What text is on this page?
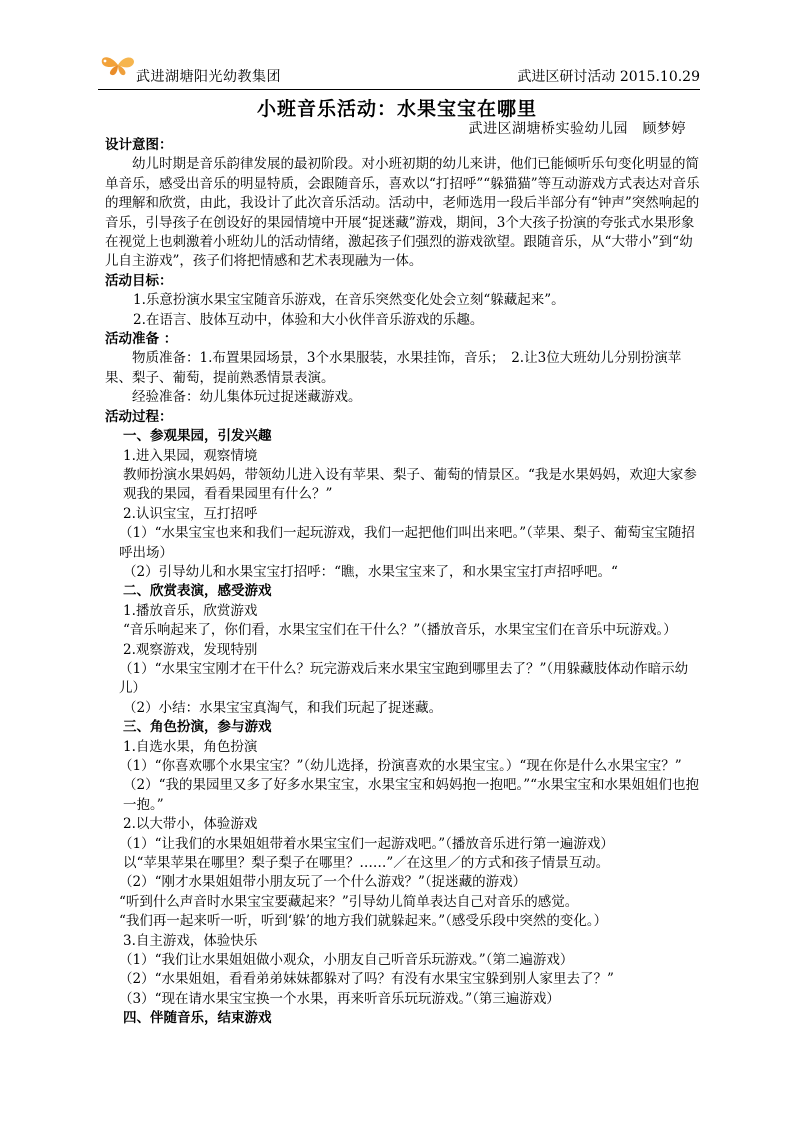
武进湖塘阳光幼教集团	武进区研讨活动 2015.10.29
小班音乐活动：水果宝宝在哪里
武进区湖塘桥实验幼儿园　顾梦婷

设计意图：

幼儿时期是音乐韵律发展的最初阶段。对小班初期的幼儿来讲，他们已能倾听乐句变化明显的简单音乐，感受出音乐的明显特质，会跟随音乐，喜欢以“打招呼”“躲猫猫”等互动游戏方式表达对音乐的理解和欣赏，由此，我设计了此次音乐活动。活动中，老师选用一段后半部分有“钟声”突然响起的音乐，引导孩子在创设好的果园情境中开展“捉迷藏”游戏，期间，3个大孩子扮演的夸张式水果形象在视觉上也刺激着小班幼儿的活动情绪，激起孩子们强烈的游戏欲望。跟随音乐，从“大带小”到“幼儿自主游戏”，孩子们将把情感和艺术表现融为一体。

活动目标：

1.乐意扮演水果宝宝随音乐游戏，在音乐突然变化处会立刻“躲藏起来”。

2.在语言、肢体互动中，体验和大小伙伴音乐游戏的乐趣。

活动准备 ：

物质准备：1.布置果园场景，3个水果服装，水果挂饰，音乐；　2.让3位大班幼儿分别扮演苹果、梨子、葡萄，提前熟悉情景表演。

经验准备：幼儿集体玩过捉迷藏游戏。

活动过程：

一、参观果园，引发兴趣

1.进入果园，观察情境

教师扮演水果妈妈，带领幼儿进入设有苹果、梨子、葡萄的情景区。“我是水果妈妈，欢迎大家参观我的果园，看看果园里有什么？”

2.认识宝宝，互打招呼

（1）“水果宝宝也来和我们一起玩游戏，我们一起把他们叫出来吧。”（苹果、梨子、葡萄宝宝随招呼出场）

（2）引导幼儿和水果宝宝打招呼：“瞧，水果宝宝来了，和水果宝宝打声招呼吧。“

二、欣赏表演，感受游戏

1.播放音乐，欣赏游戏

“音乐响起来了，你们看，水果宝宝们在干什么？”（播放音乐，水果宝宝们在音乐中玩游戏。）

2.观察游戏，发现特别

（1）“水果宝宝刚才在干什么？玩完游戏后来水果宝宝跑到哪里去了？”（用躲藏肢体动作暗示幼儿）

（2）小结：水果宝宝真淘气，和我们玩起了捉迷藏。

三、角色扮演，参与游戏

1.自选水果，角色扮演

（1）“你喜欢哪个水果宝宝？”（幼儿选择，扮演喜欢的水果宝宝。）“现在你是什么水果宝宝？”

（2）“我的果园里又多了好多水果宝宝，水果宝宝和妈妈抱一抱吧。”“水果宝宝和水果姐姐们也抱一抱。”

2.以大带小，体验游戏

（1）“让我们的水果姐姐带着水果宝宝们一起游戏吧。”（播放音乐进行第一遍游戏）

以“苹果苹果在哪里？梨子梨子在哪里？……”／在这里／的方式和孩子情景互动。

（2）“刚才水果姐姐带小朋友玩了一个什么游戏？”（捉迷藏的游戏）

“听到什么声音时水果宝宝要藏起来？”引导幼儿简单表达自己对音乐的感觉。

“我们再一起来听一听，听到‘躲’的地方我们就躲起来。”（感受乐段中突然的变化。）

3.自主游戏，体验快乐

（1）“我们让水果姐姐做小观众，小朋友自己听音乐玩游戏。”（第二遍游戏）

（2）“水果姐姐，看看弟弟妹妹都躲对了吗？有没有水果宝宝躲到别人家里去了？”

（3）“现在请水果宝宝换一个水果，再来听音乐玩玩游戏。”（第三遍游戏）

四、伴随音乐，结束游戏
